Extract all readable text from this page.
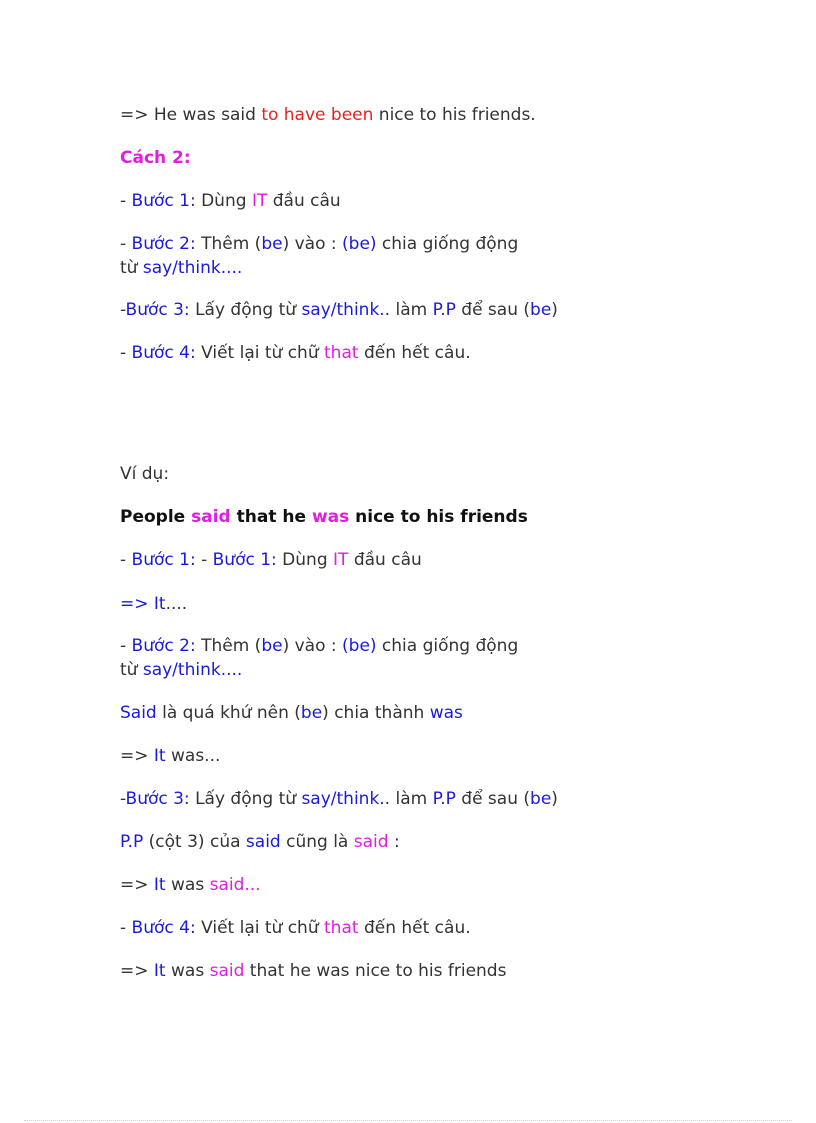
=> He was said to have been nice to his friends.
Cách 2:
- Bước 1: Dùng IT đầu câu
- Bước 2: Thêm (be) vào : (be) chia giống động
từ say/think....
-Bước 3: Lấy động từ say/think.. làm P.P để sau (be)
- Bước 4: Viết lại từ chữ that đến hết câu.
Ví dụ:
People said that he was nice to his friends
- Bước 1: - Bước 1: Dùng IT đầu câu
=> It....
- Bước 2: Thêm (be) vào : (be) chia giống động
từ say/think....
Said là quá khứ nên (be) chia thành was
=> It was...
-Bước 3: Lấy động từ say/think.. làm P.P để sau (be)
P.P (cột 3) của said cũng là said :
=> It was said...
- Bước 4: Viết lại từ chữ that đến hết câu.
=> It was said that he was nice to his friends
